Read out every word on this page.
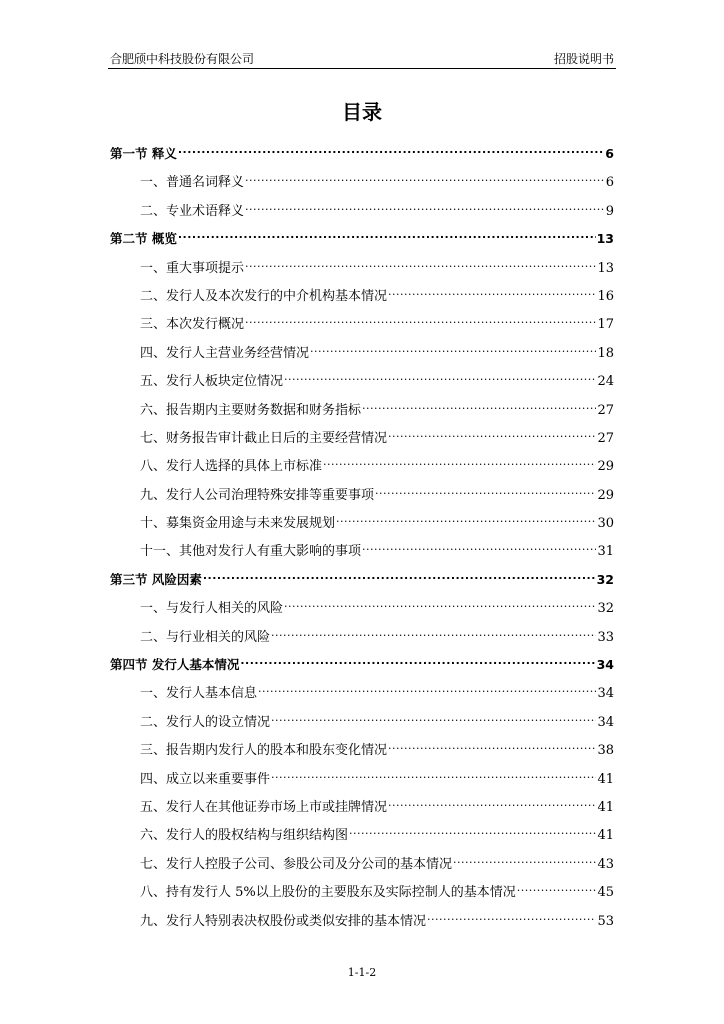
合肥颀中科技股份有限公司	招股说明书
目录
第一节 释义 .....	6
一、普通名词释义 .....	6
二、专业术语释义 .....	9
第二节 概览 .....	13
一、重大事项提示 .....	13
二、发行人及本次发行的中介机构基本情况 .....	16
三、本次发行概况 .....	17
四、发行人主营业务经营情况 .....	18
五、发行人板块定位情况 .....	24
六、报告期内主要财务数据和财务指标 .....	27
七、财务报告审计截止日后的主要经营情况 .....	27
八、发行人选择的具体上市标准 .....	29
九、发行人公司治理特殊安排等重要事项 .....	29
十、募集资金用途与未来发展规划 .....	30
十一、其他对发行人有重大影响的事项 .....	31
第三节 风险因素 .....	32
一、与发行人相关的风险 .....	32
二、与行业相关的风险 .....	33
第四节 发行人基本情况 .....	34
一、发行人基本信息 .....	34
二、发行人的设立情况 .....	34
三、报告期内发行人的股本和股东变化情况 .....	38
四、成立以来重要事件 .....	41
五、发行人在其他证券市场上市或挂牌情况 .....	41
六、发行人的股权结构与组织结构图 .....	41
七、发行人控股子公司、参股公司及分公司的基本情况 .....	43
八、持有发行人 5%以上股份的主要股东及实际控制人的基本情况 .....	45
九、发行人特别表决权股份或类似安排的基本情况 .....	53
1-1-2
